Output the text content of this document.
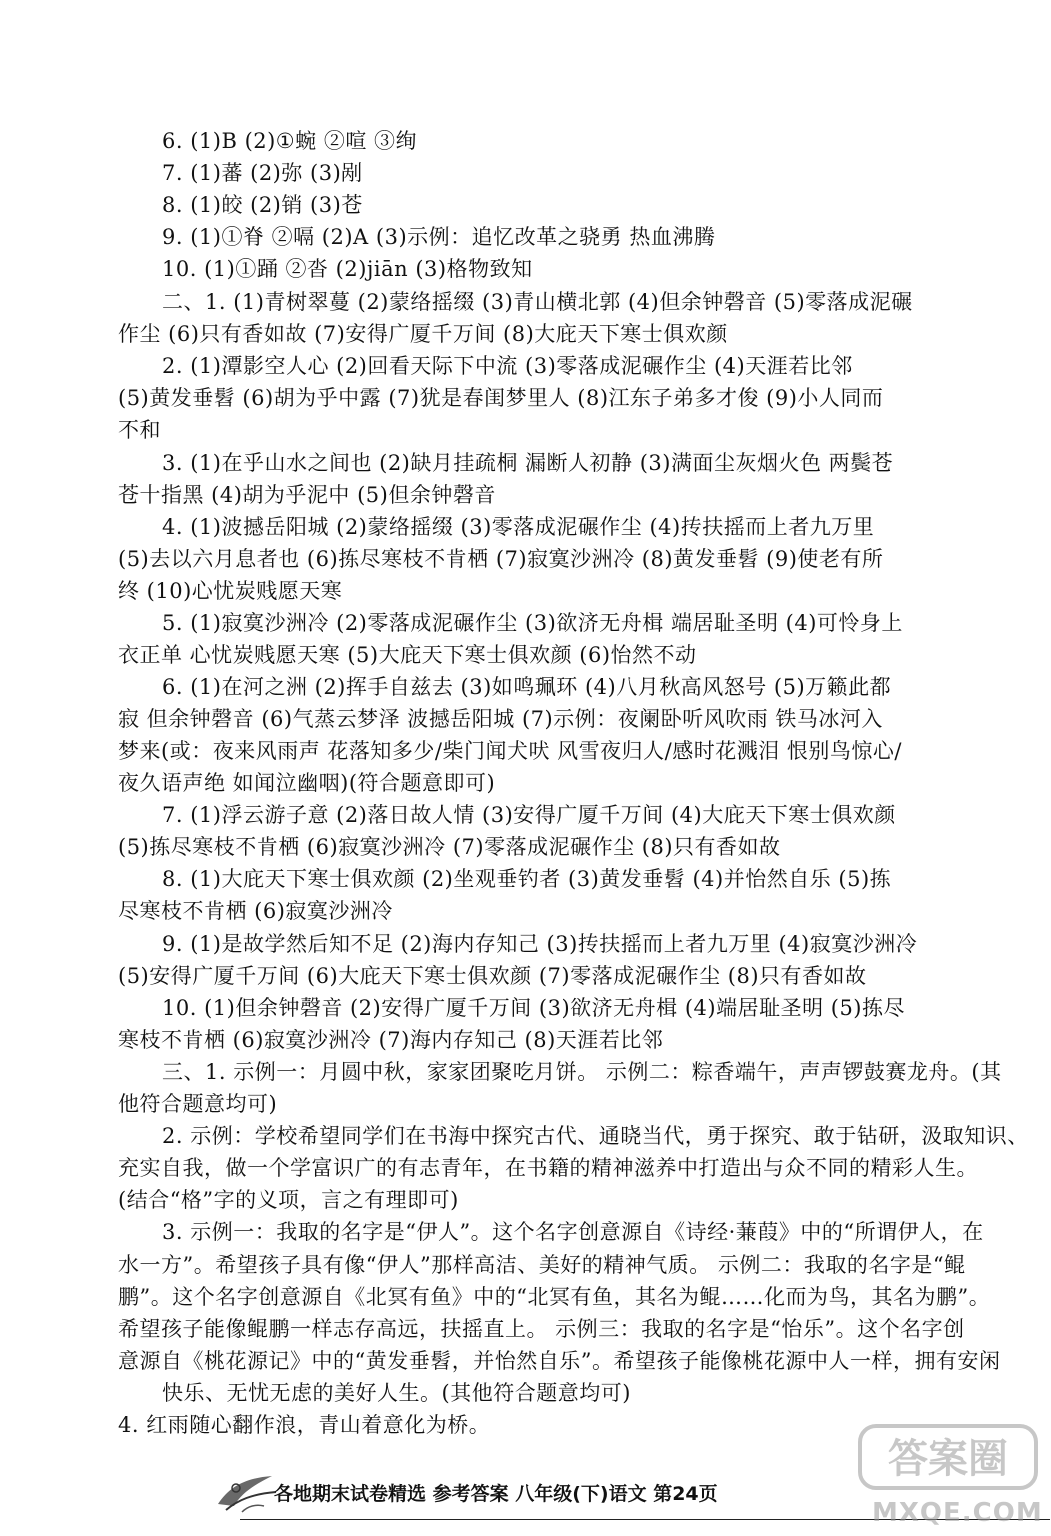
6. (1)B (2)①蜿 ②喧 ③绚
7. (1)蕃 (2)弥 (3)剐
8. (1)皎 (2)销 (3)苍
9. (1)①脊 ②嗝 (2)A (3)示例：追忆改革之骁勇 热血沸腾
10. (1)①踊 ②沓 (2)jiān (3)格物致知
二、1. (1)青树翠蔓 (2)蒙络摇缀 (3)青山横北郭 (4)但余钟磬音 (5)零落成泥碾
作尘 (6)只有香如故 (7)安得广厦千万间 (8)大庇天下寒士俱欢颜
2. (1)潭影空人心 (2)回看天际下中流 (3)零落成泥碾作尘 (4)天涯若比邻
(5)黄发垂髫 (6)胡为乎中露 (7)犹是春闺梦里人 (8)江东子弟多才俊 (9)小人同而
不和
3. (1)在乎山水之间也 (2)缺月挂疏桐 漏断人初静 (3)满面尘灰烟火色 两鬓苍
苍十指黑 (4)胡为乎泥中 (5)但余钟磬音
4. (1)波撼岳阳城 (2)蒙络摇缀 (3)零落成泥碾作尘 (4)抟扶摇而上者九万里
(5)去以六月息者也 (6)拣尽寒枝不肯栖 (7)寂寞沙洲冷 (8)黄发垂髫 (9)使老有所
终 (10)心忧炭贱愿天寒
5. (1)寂寞沙洲冷 (2)零落成泥碾作尘 (3)欲济无舟楫 端居耻圣明 (4)可怜身上
衣正单 心忧炭贱愿天寒 (5)大庇天下寒士俱欢颜 (6)怡然不动
6. (1)在河之洲 (2)挥手自兹去 (3)如鸣珮环 (4)八月秋高风怒号 (5)万籁此都
寂 但余钟磬音 (6)气蒸云梦泽 波撼岳阳城 (7)示例：夜阑卧听风吹雨 铁马冰河入
梦来(或：夜来风雨声 花落知多少/柴门闻犬吠 风雪夜归人/感时花溅泪 恨别鸟惊心/
夜久语声绝 如闻泣幽咽)(符合题意即可)
7. (1)浮云游子意 (2)落日故人情 (3)安得广厦千万间 (4)大庇天下寒士俱欢颜
(5)拣尽寒枝不肯栖 (6)寂寞沙洲冷 (7)零落成泥碾作尘 (8)只有香如故
8. (1)大庇天下寒士俱欢颜 (2)坐观垂钓者 (3)黄发垂髫 (4)并怡然自乐 (5)拣
尽寒枝不肯栖 (6)寂寞沙洲冷
9. (1)是故学然后知不足 (2)海内存知己 (3)抟扶摇而上者九万里 (4)寂寞沙洲冷
(5)安得广厦千万间 (6)大庇天下寒士俱欢颜 (7)零落成泥碾作尘 (8)只有香如故
10. (1)但余钟磬音 (2)安得广厦千万间 (3)欲济无舟楫 (4)端居耻圣明 (5)拣尽
寒枝不肯栖 (6)寂寞沙洲冷 (7)海内存知己 (8)天涯若比邻
三、1. 示例一：月圆中秋，家家团聚吃月饼。 示例二：粽香端午，声声锣鼓赛龙舟。(其
他符合题意均可)
2. 示例：学校希望同学们在书海中探究古代、通晓当代，勇于探究、敢于钻研，汲取知识、
充实自我，做一个学富识广的有志青年，在书籍的精神滋养中打造出与众不同的精彩人生。
(结合“格”字的义项，言之有理即可)
3. 示例一：我取的名字是“伊人”。这个名字创意源自《诗经·蒹葭》中的“所谓伊人，在
水一方”。希望孩子具有像“伊人”那样高洁、美好的精神气质。 示例二：我取的名字是“鲲
鹏”。这个名字创意源自《北冥有鱼》中的“北冥有鱼，其名为鲲……化而为鸟，其名为鹏”。
希望孩子能像鲲鹏一样志存高远，扶摇直上。 示例三：我取的名字是“怡乐”。这个名字创
意源自《桃花源记》中的“黄发垂髫，并怡然自乐”。希望孩子能像桃花源中人一样，拥有安闲
快乐、无忧无虑的美好人生。(其他符合题意均可)
4. 红雨随心翻作浪，青山着意化为桥。
各地期末试卷精选 参考答案 八年级(下)语文 第24页
答案圈
MXQE.COM
